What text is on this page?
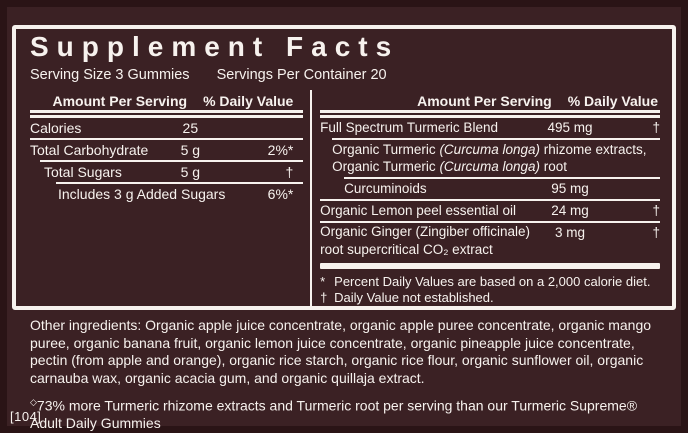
Supplement Facts
Serving Size 3 Gummies Servings Per Container 20
Amount Per Serving % Daily Value
Calories	25
Total Carbohydrate	5 g	2%*
Total Sugars	5 g	†
Includes 3 g Added Sugars	6%*
Amount Per Serving % Daily Value
Full Spectrum Turmeric Blend	495 mg	†
Organic Turmeric (Curcuma longa) rhizome extracts,
Organic Turmeric (Curcuma longa) root
Curcuminoids	95 mg
Organic Lemon peel essential oil	24 mg	†
Organic Ginger (Zingiber officinale)
root supercritical CO₂ extract
3 mg	†
* Percent Daily Values are based on a 2,000 calorie diet.
† Daily Value not established.
Other ingredients: Organic apple juice concentrate, organic apple puree concentrate, organic mango puree, organic banana fruit, organic lemon juice concentrate, organic pineapple juice concentrate, pectin (from apple and orange), organic rice starch, organic rice flour, organic sunflower oil, organic carnauba wax, organic acacia gum, and organic quillaja extract.
◇73% more Turmeric rhizome extracts and Turmeric root per serving than our Turmeric Supreme® Adult Daily Gummies
[104]
